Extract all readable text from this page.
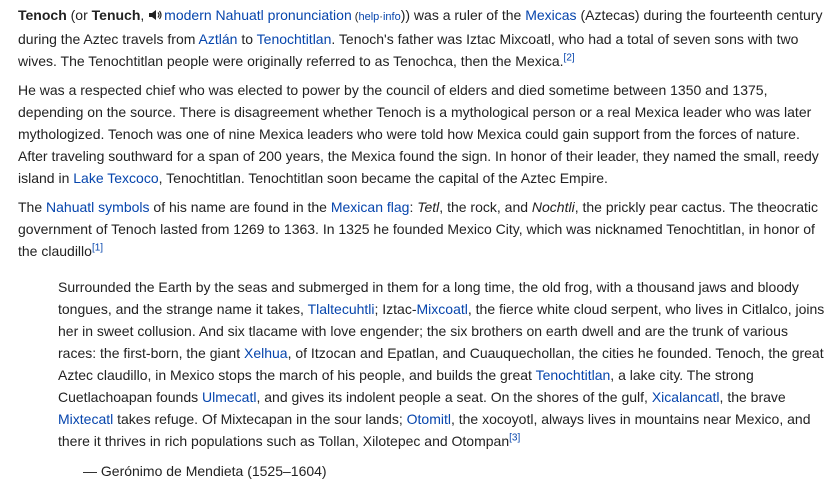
Tenoch (or Tenuch, modern Nahuatl pronunciation (help·info)) was a ruler of the Mexicas (Aztecas) during the fourteenth century during the Aztec travels from Aztlán to Tenochtitlan. Tenoch's father was Iztac Mixcoatl, who had a total of seven sons with two wives. The Tenochtitlan people were originally referred to as Tenochca, then the Mexica.[2]

He was a respected chief who was elected to power by the council of elders and died sometime between 1350 and 1375, depending on the source. There is disagreement whether Tenoch is a mythological person or a real Mexica leader who was later mythologized. Tenoch was one of nine Mexica leaders who were told how Mexica could gain support from the forces of nature. After traveling southward for a span of 200 years, the Mexica found the sign. In honor of their leader, they named the small, reedy island in Lake Texcoco, Tenochtitlan. Tenochtitlan soon became the capital of the Aztec Empire.

The Nahuatl symbols of his name are found in the Mexican flag: Tetl, the rock, and Nochtli, the prickly pear cactus. The theocratic government of Tenoch lasted from 1269 to 1363. In 1325 he founded Mexico City, which was nicknamed Tenochtitlan, in honor of the claudillo[1]

Surrounded the Earth by the seas and submerged in them for a long time, the old frog, with a thousand jaws and bloody tongues, and the strange name it takes, Tlaltecuhtli; Iztac-Mixcoatl, the fierce white cloud serpent, who lives in Citlalco, joins her in sweet collusion. And six tlacame with love engender; the six brothers on earth dwell and are the trunk of various races: the first-born, the giant Xelhua, of Itzocan and Epatlan, and Cuauquechollan, the cities he founded. Tenoch, the great Aztec claudillo, in Mexico stops the march of his people, and builds the great Tenochtitlan, a lake city. The strong Cuetlachoapan founds Ulmecatl, and gives its indolent people a seat. On the shores of the gulf, Xicalancatl, the brave Mixtecatl takes refuge. Of Mixtecapan in the sour lands; Otomitl, the xocoyotl, always lives in mountains near Mexico, and there it thrives in rich populations such as Tollan, Xilotepec and Otompan[3]

— Gerónimo de Mendieta (1525–1604)
